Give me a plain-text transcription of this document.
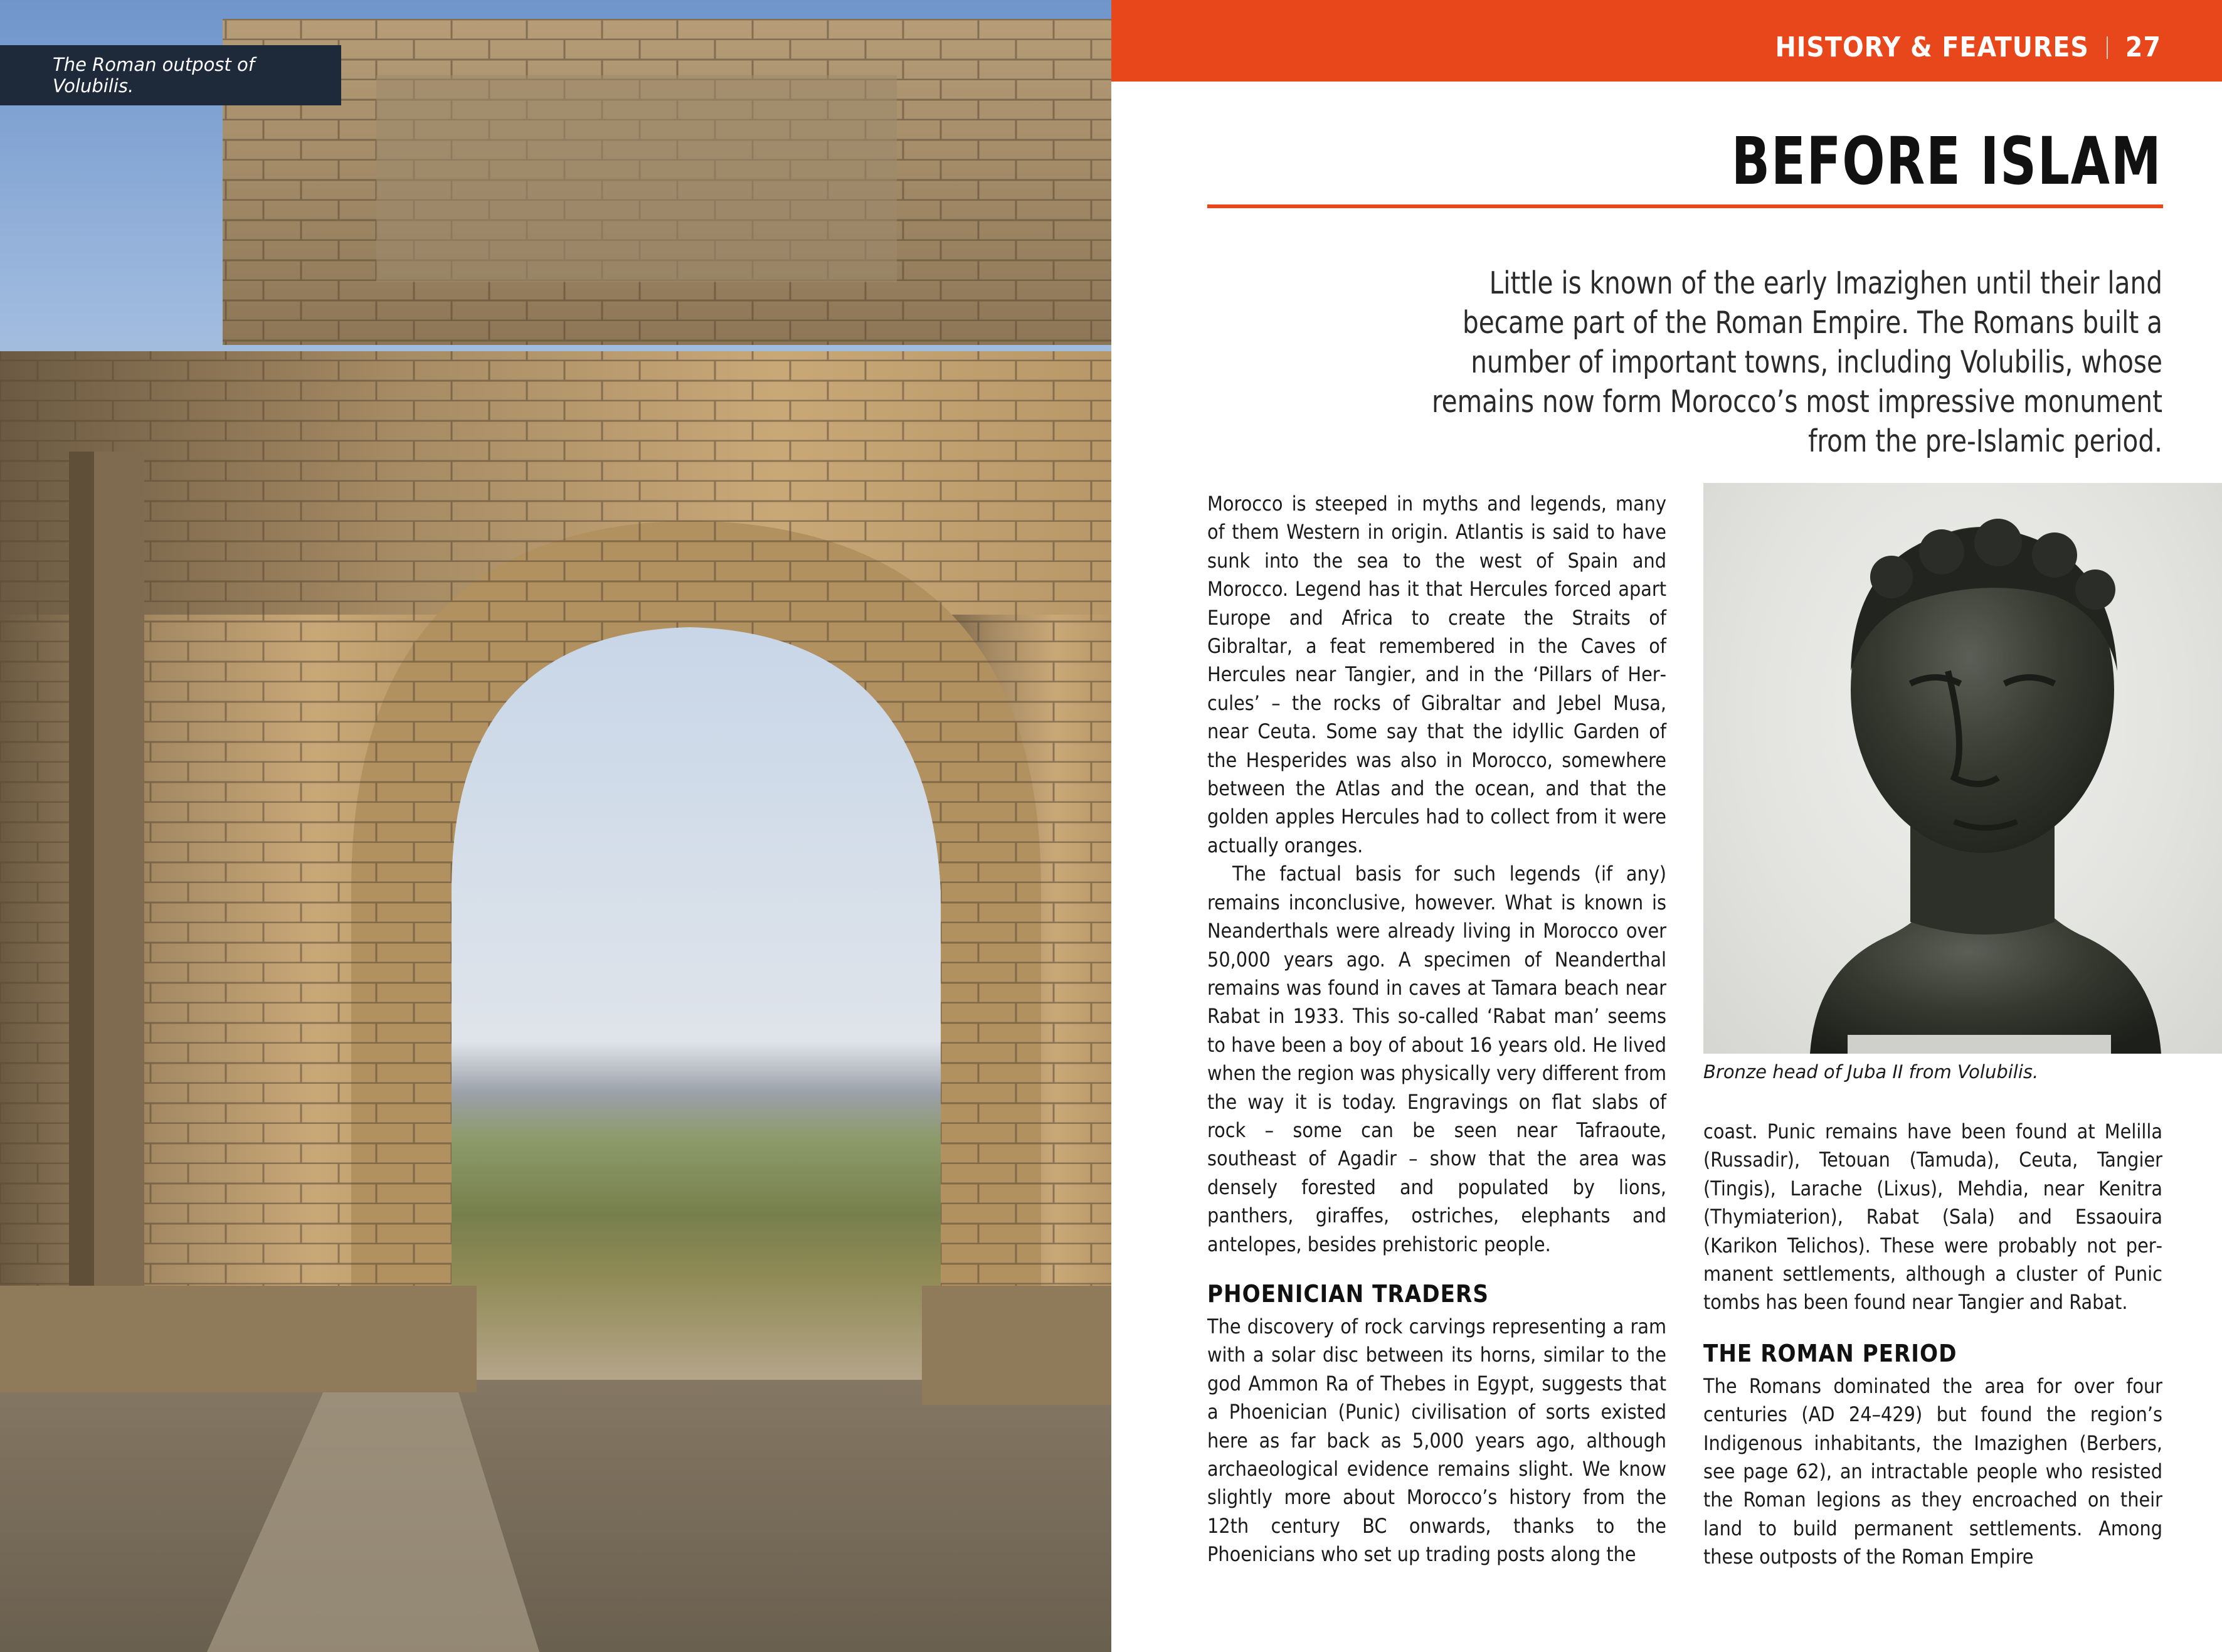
The Roman outpost of Volubilis.
HISTORY & FEATURES 27
BEFORE ISLAM

Little is known of the early Imazighen until their land became part of the Roman Empire. The Romans built a number of important towns, including Volubilis, whose remains now form Morocco’s most impressive monument from the pre-Islamic period.

Morocco is steeped in myths and legends, many of them Western in origin. Atlantis is said to have sunk into the sea to the west of Spain and Morocco. Legend has it that Hercules forced apart Europe and Africa to create the Straits of Gibraltar, a feat remembered in the Caves of Hercules near Tangier, and in the ‘Pillars of Hercules’ – the rocks of Gibraltar and Jebel Musa, near Ceuta. Some say that the idyllic Garden of the Hesperides was also in Morocco, somewhere between the Atlas and the ocean, and that the golden apples Hercules had to collect from it were actually oranges.

The factual basis for such legends (if any) remains inconclusive, however. What is known is Neanderthals were already living in Morocco over 50,000 years ago. A specimen of Neanderthal remains was found in caves at Tamara beach near Rabat in 1933. This so-called ‘Rabat man’ seems to have been a boy of about 16 years old. He lived when the region was physically very different from the way it is today. Engravings on flat slabs of rock – some can be seen near Tafraoute, southeast of Agadir – show that the area was densely forested and populated by lions, panthers, giraffes, ostriches, elephants and antelopes, besides prehistoric people.

PHOENICIAN TRADERS

The discovery of rock carvings representing a ram with a solar disc between its horns, similar to the god Ammon Ra of Thebes in Egypt, suggests that a Phoenician (Punic) civilisation of sorts existed here as far back as 5,000 years ago, although archaeological evidence remains slight. We know slightly more about Morocco’s history from the 12th century BC onwards, thanks to the Phoenicians who set up trading posts along the

Bronze head of Juba II from Volubilis.

coast. Punic remains have been found at Melilla (Russadir), Tetouan (Tamuda), Ceuta, Tangier (Tingis), Larache (Lixus), Mehdia, near Kenitra (Thymiaterion), Rabat (Sala) and Essaouira (Karikon Telichos). These were probably not permanent settlements, although a cluster of Punic tombs has been found near Tangier and Rabat.

THE ROMAN PERIOD

The Romans dominated the area for over four centuries (AD 24–429) but found the region’s Indigenous inhabitants, the Imazighen (Berbers, see page 62), an intractable people who resisted the Roman legions as they encroached on their land to build permanent settlements. Among these outposts of the Roman Empire
